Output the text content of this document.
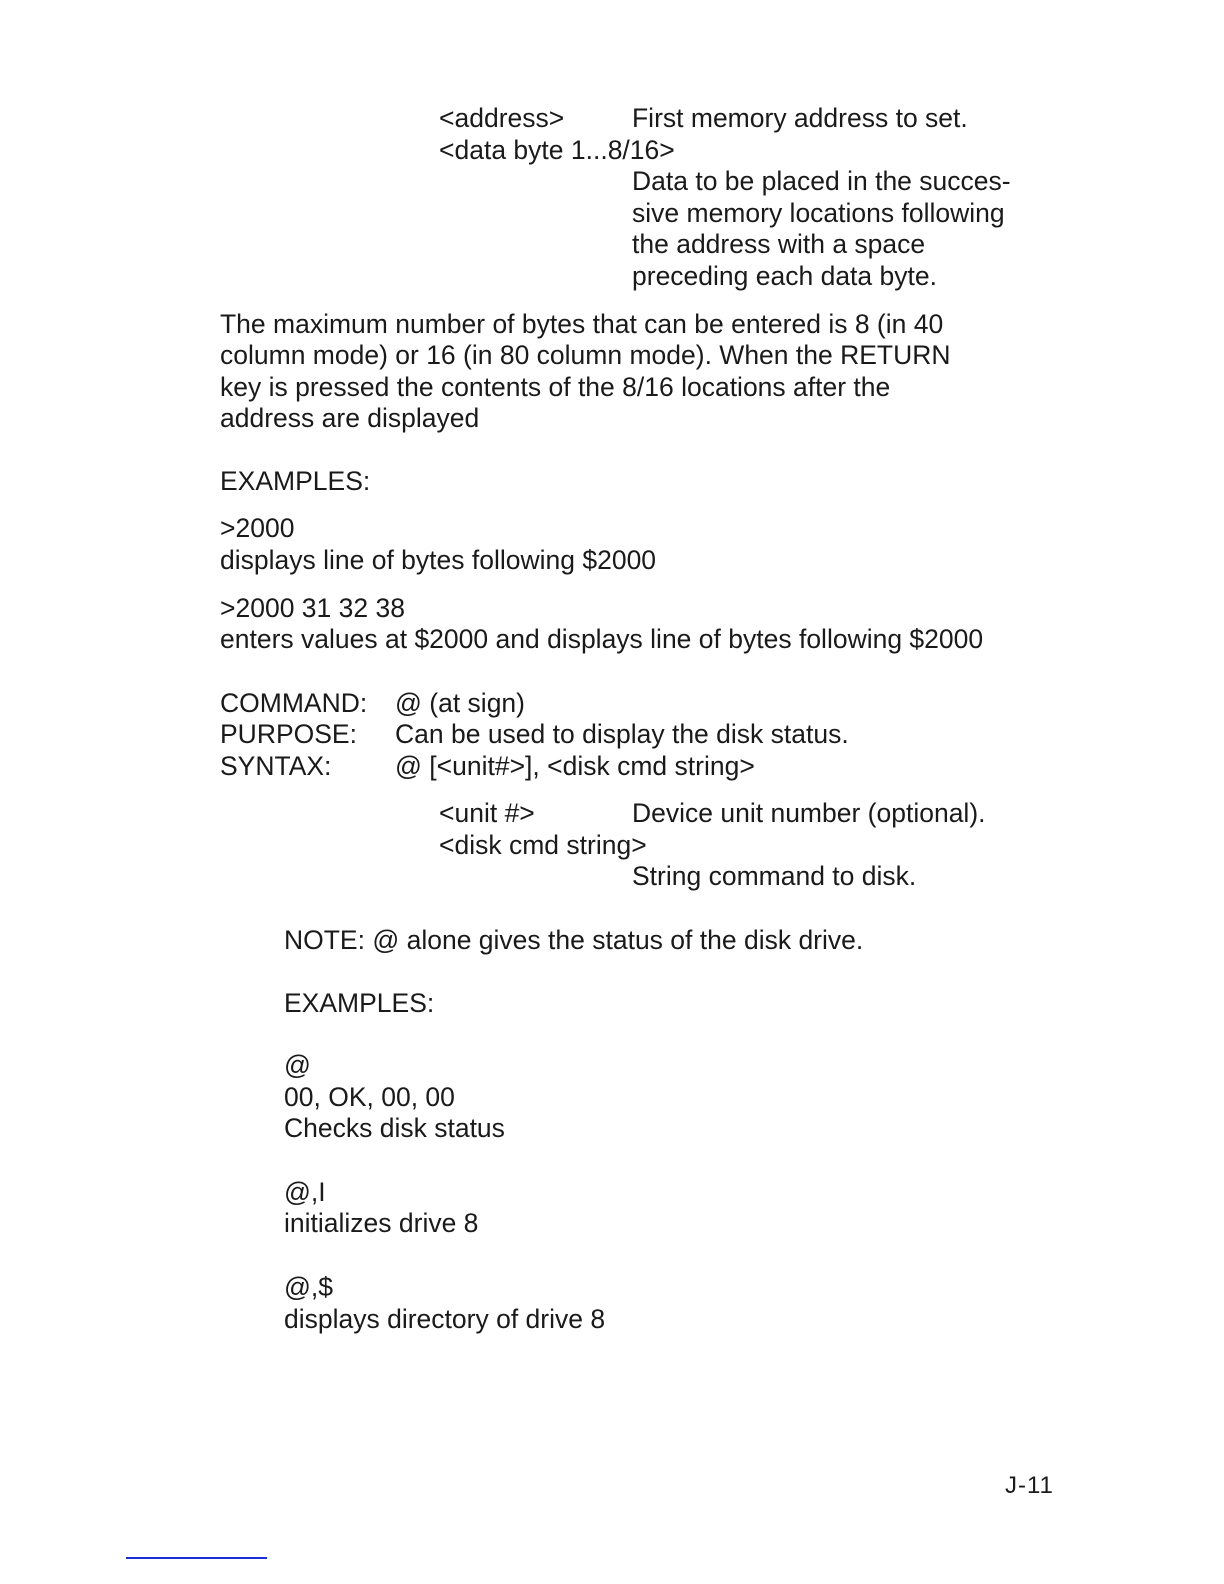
<address>	First memory address to set.
<data byte 1...8/16>
Data to be placed in the succes-
sive memory locations following
the address with a space
preceding each data byte.
The maximum number of bytes that can be entered is 8 (in 40
column mode) or 16 (in 80 column mode). When the RETURN
key is pressed the contents of the 8/16 locations after the
address are displayed
EXAMPLES:
>2000
displays line of bytes following $2000
>2000 31 32 38
enters values at $2000 and displays line of bytes following $2000
COMMAND: @ (at sign)
PURPOSE: Can be used to display the disk status.
SYNTAX: @ [<unit#>], <disk cmd string>
<unit #>	Device unit number (optional).
<disk cmd string>
String command to disk.
NOTE: @ alone gives the status of the disk drive.
EXAMPLES:
@
00, OK, 00, 00
Checks disk status
@,I
initializes drive 8
@,$
displays directory of drive 8
J-11
